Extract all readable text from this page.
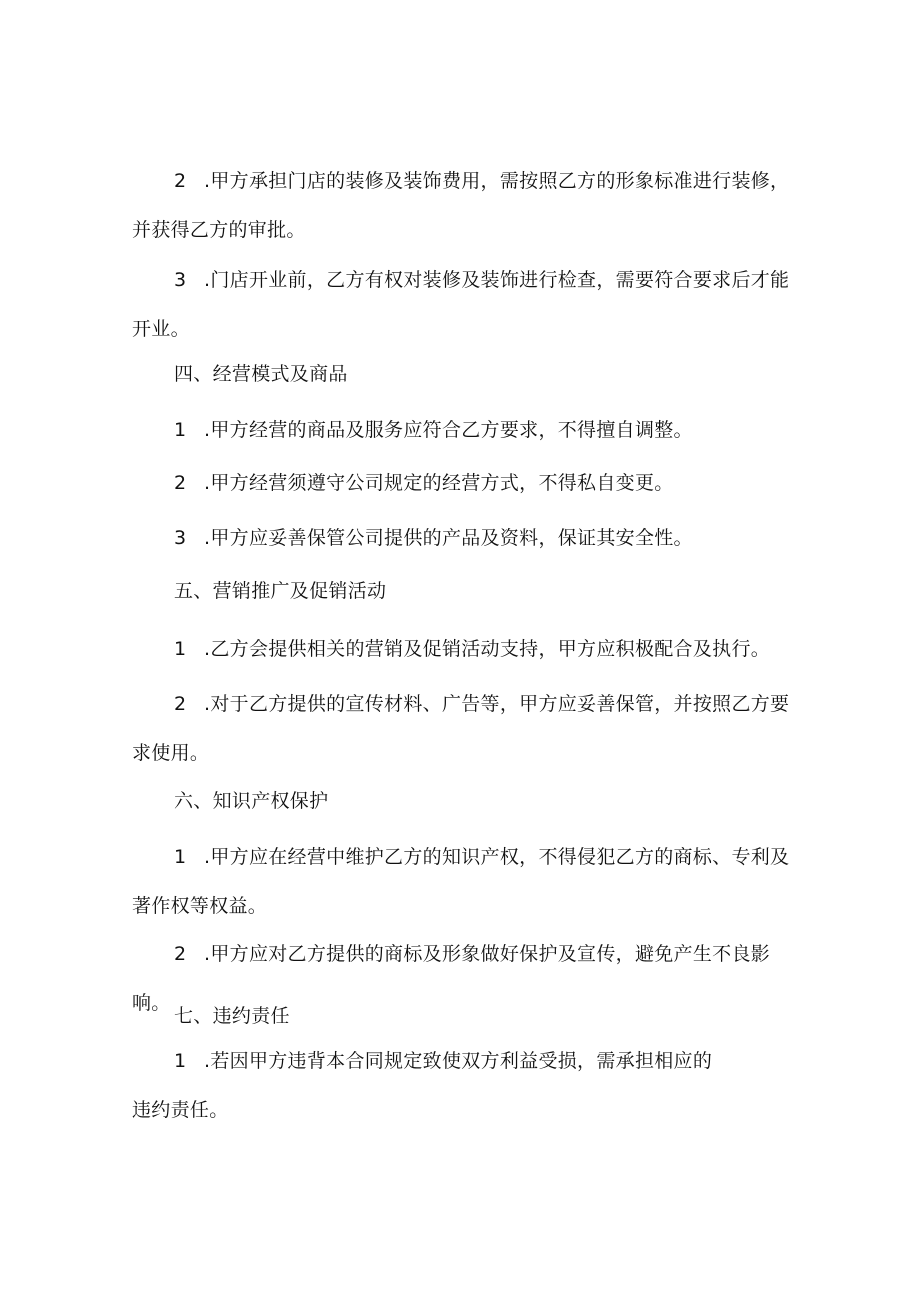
2 .甲方承担门店的装修及装饰费用，需按照乙方的形象标准进行装修，并获得乙方的审批。

3 .门店开业前，乙方有权对装修及装饰进行检查，需要符合要求后才能开业。

四、经营模式及商品

1 .甲方经营的商品及服务应符合乙方要求，不得擅自调整。

2 .甲方经营须遵守公司规定的经营方式，不得私自变更。

3 .甲方应妥善保管公司提供的产品及资料，保证其安全性。

五、营销推广及促销活动

1 .乙方会提供相关的营销及促销活动支持，甲方应积极配合及执行。

2 .对于乙方提供的宣传材料、广告等，甲方应妥善保管，并按照乙方要求使用。

六、知识产权保护

1 .甲方应在经营中维护乙方的知识产权，不得侵犯乙方的商标、专利及著作权等权益。

2 .甲方应对乙方提供的商标及形象做好保护及宣传，避免产生不良影响。

七、违约责任

1 .若因甲方违背本合同规定致使双方利益受损，需承担相应的违约责任。
